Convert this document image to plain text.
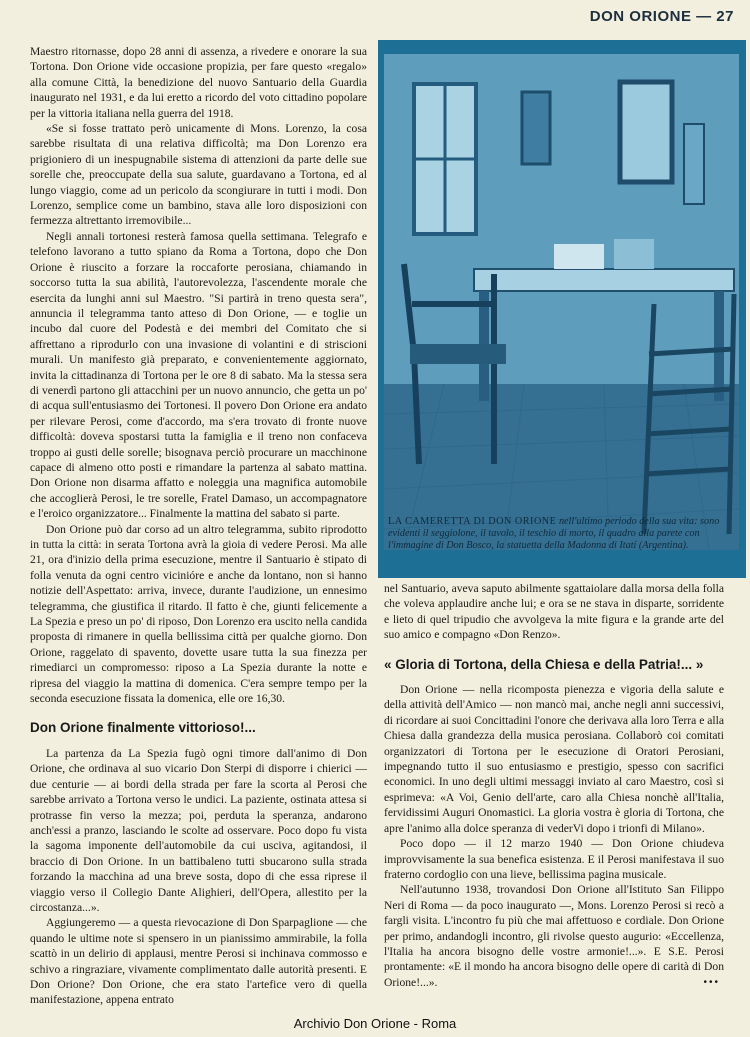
DON ORIONE — 27

Maestro ritornasse, dopo 28 anni di assenza, a rivedere e onorare la sua Tortona. Don Orione vide occasione propizia, per fare questo «regalo» alla comune Città, la benedizione del nuovo Santuario della Guardia inaugurato nel 1931, e da lui eretto a ricordo del voto cittadino popolare per la vittoria italiana nella guerra del 1918.

«Se si fosse trattato però unicamente di Mons. Lorenzo, la cosa sarebbe risultata di una relativa difficoltà; ma Don Lorenzo era prigioniero di un inespugnabile sistema di attenzioni da parte delle sue sorelle che, preoccupate della sua salute, guardavano a Tortona, ed al lungo viaggio, come ad un pericolo da scongiurare in tutti i modi. Don Lorenzo, semplice come un bambino, stava alle loro disposizioni con fermezza altrettanto irremovibile...

Negli annali tortonesi resterà famosa quella settimana. Telegrafo e telefono lavorano a tutto spiano da Roma a Tortona, dopo che Don Orione è riuscito a forzare la roccaforte perosiana, chiamando in soccorso tutta la sua abilità, l'autorevolezza, l'ascendente morale che esercita da lunghi anni sul Maestro. "Si partirà in treno questa sera", annuncia il telegramma tanto atteso di Don Orione, — e toglie un incubo dal cuore del Podestà e dei membri del Comitato che si affrettano a riprodurlo con una invasione di volantini e di striscioni murali. Un manifesto già preparato, e convenientemente aggiornato, invita la cittadinanza di Tortona per le ore 8 di sabato. Ma la stessa sera di venerdì partono gli attacchini per un nuovo annuncio, che getta un po' di acqua sull'entusiasmo dei Tortonesi. Il povero Don Orione era andato per rilevare Perosi, come d'accordo, ma s'era trovato di fronte nuove difficoltà: doveva spostarsi tutta la famiglia e il treno non confaceva troppo ai gusti delle sorelle; bisognava perciò procurare un macchinone capace di almeno otto posti e rimandare la partenza al sabato mattina. Don Orione non disarma affatto e noleggia una magnifica automobile che accoglierà Perosi, le tre sorelle, Fratel Damaso, un accompagnatore e l'eroico organizzatore... Finalmente la mattina del sabato si parte.

Don Orione può dar corso ad un altro telegramma, subito riprodotto in tutta la città: in serata Tortona avrà la gioia di vedere Perosi. Ma alle 21, ora d'inizio della prima esecuzione, mentre il Santuario è stipato di folla venuta da ogni centro vicinióre e anche da lontano, non si hanno notizie dell'Aspettato: arriva, invece, durante l'audizione, un ennesimo telegramma, che giustifica il ritardo. Il fatto è che, giunti felicemente a La Spezia e preso un po' di riposo, Don Lorenzo era uscito nella candida proposta di rimanere in quella bellissima città per qualche giorno. Don Orione, raggelato di spavento, dovette usare tutta la sua finezza per rimediarci un compromesso: riposo a La Spezia durante la notte e ripresa del viaggio la mattina di domenica. C'era sempre tempo per la seconda esecuzione fissata la domenica, elle ore 16,30.

Don Orione finalmente vittorioso!...

La partenza da La Spezia fugò ogni timore dall'animo di Don Orione, che ordinava al suo vicario Don Sterpi di disporre i chierici — due centurie — ai bordi della strada per fare la scorta al Perosi che sarebbe arrivato a Tortona verso le undici. La pazientе, ostinata attesa si protrasse fin verso la mezza; poi, perduta la speranza, andarono anch'essi a pranzo, lasciando le scolte ad osservare. Poco dopo fu vista la sagoma imponente dell'automobile da cui usciva, agitandosi, il braccio di Don Orione. In un battibaleno tutti sbucarono sulla strada forzando la macchina ad una breve sosta, dopo di che essa riprese il viaggio verso il Collegio Dante Alighieri, dell'Opera, allestito per la circostanza...».

Aggiungeremo — a questa rievocazione di Don Sparpaglione — che quando le ultime note si spensero in un pianissimo ammirabile, la folla scattò in un delirio di applausi, mentre Perosi si inchinava commosso e schivo a ringraziare, vivamente complimentato dalle autorità presenti. E Don Orione? Don Orione, che era stato l'artefice vero di quella manifestazione, appena entrato

LA CAMERETTA DI DON ORIONE nell'ultimo periodo della sua vita: sono evidenti il seggiolone, il tavolo, il teschio di morto, il quadro alla parete con l'immagine di Don Bosco, la statuetta della Madonna di Itatí (Argentina).

nel Santuario, aveva saputo abilmente sgattaiolare dalla morsa della folla che voleva applaudire anche lui; e ora se ne stava in disparte, sorridente e lieto di quel tripudio che avvolgeva la mite figura e la grande arte del suo amico e compagno «Don Renzo».

« Gloria di Tortona, della Chiesa e della Patria!... »

Don Orione — nella ricomposta pienezza e vigoria della salute e della attività dell'Amico — non mancò mai, anche negli anni successivi, di ricordare ai suoi Concittadini l'onore che derivava alla loro Terra e alla Chiesa dalla grandezza della musica perosiana. Collaborò coi comitati organizzatori di Tortona per le esecuzione di Oratori Perosiani, impegnando tutto il suo entusiasmo e prestigio, spesso con sacrifici economici. In uno degli ultimi messaggi inviato al caro Maestro, così si esprimeva: «A Voi, Genio dell'arte, caro alla Chiesa nonchè all'Italia, fervidissimi Auguri Onomastici. La gloria vostra è gloria di Tortona, che apre l'animo alla dolce speranza di vederVi dopo i trionfi di Milano».

Poco dopo — il 12 marzo 1940 — Don Orione chiudeva improvvisamente la sua benefica esistenza. E il Perosi manifestava il suo fraterno cordoglio con una lieve, bellissima pagina musicale.

Nell'autunno 1938, trovandosi Don Orione all'Istituto San Filippo Neri di Roma — da poco inaugurato —, Mons. Lorenzo Perosi si recò a fargli visita. L'incontro fu più che mai affettuoso e cordiale. Don Orione per primo, andandogli incontro, gli rivolse questo augurio: «Eccellenza, l'Italia ha ancora bisogno delle vostre armonie!...». E S.E. Perosi prontamente: «E il mondo ha ancora bisogno delle opere di carità di Don Orione!...».	•••
Archivio Don Orione - Roma
